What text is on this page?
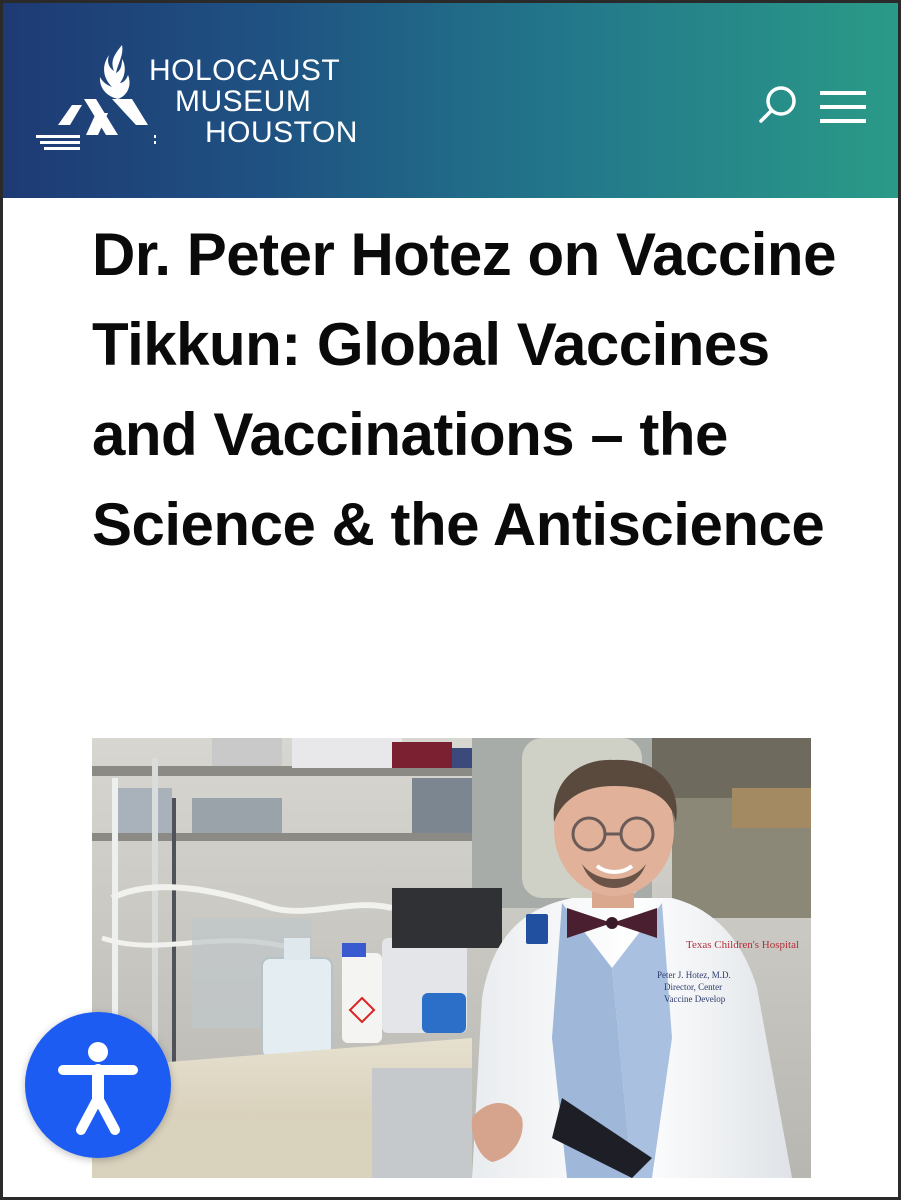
HOLOCAUST
MUSEUM
HOUSTON
Dr. Peter Hotez on Vaccine Tikkun: Global Vaccines and Vaccinations – the Science & the Antiscience
Texas Children's Hospital
Peter J. Hotez, M.D.
Director, Center
Vaccine Develop
